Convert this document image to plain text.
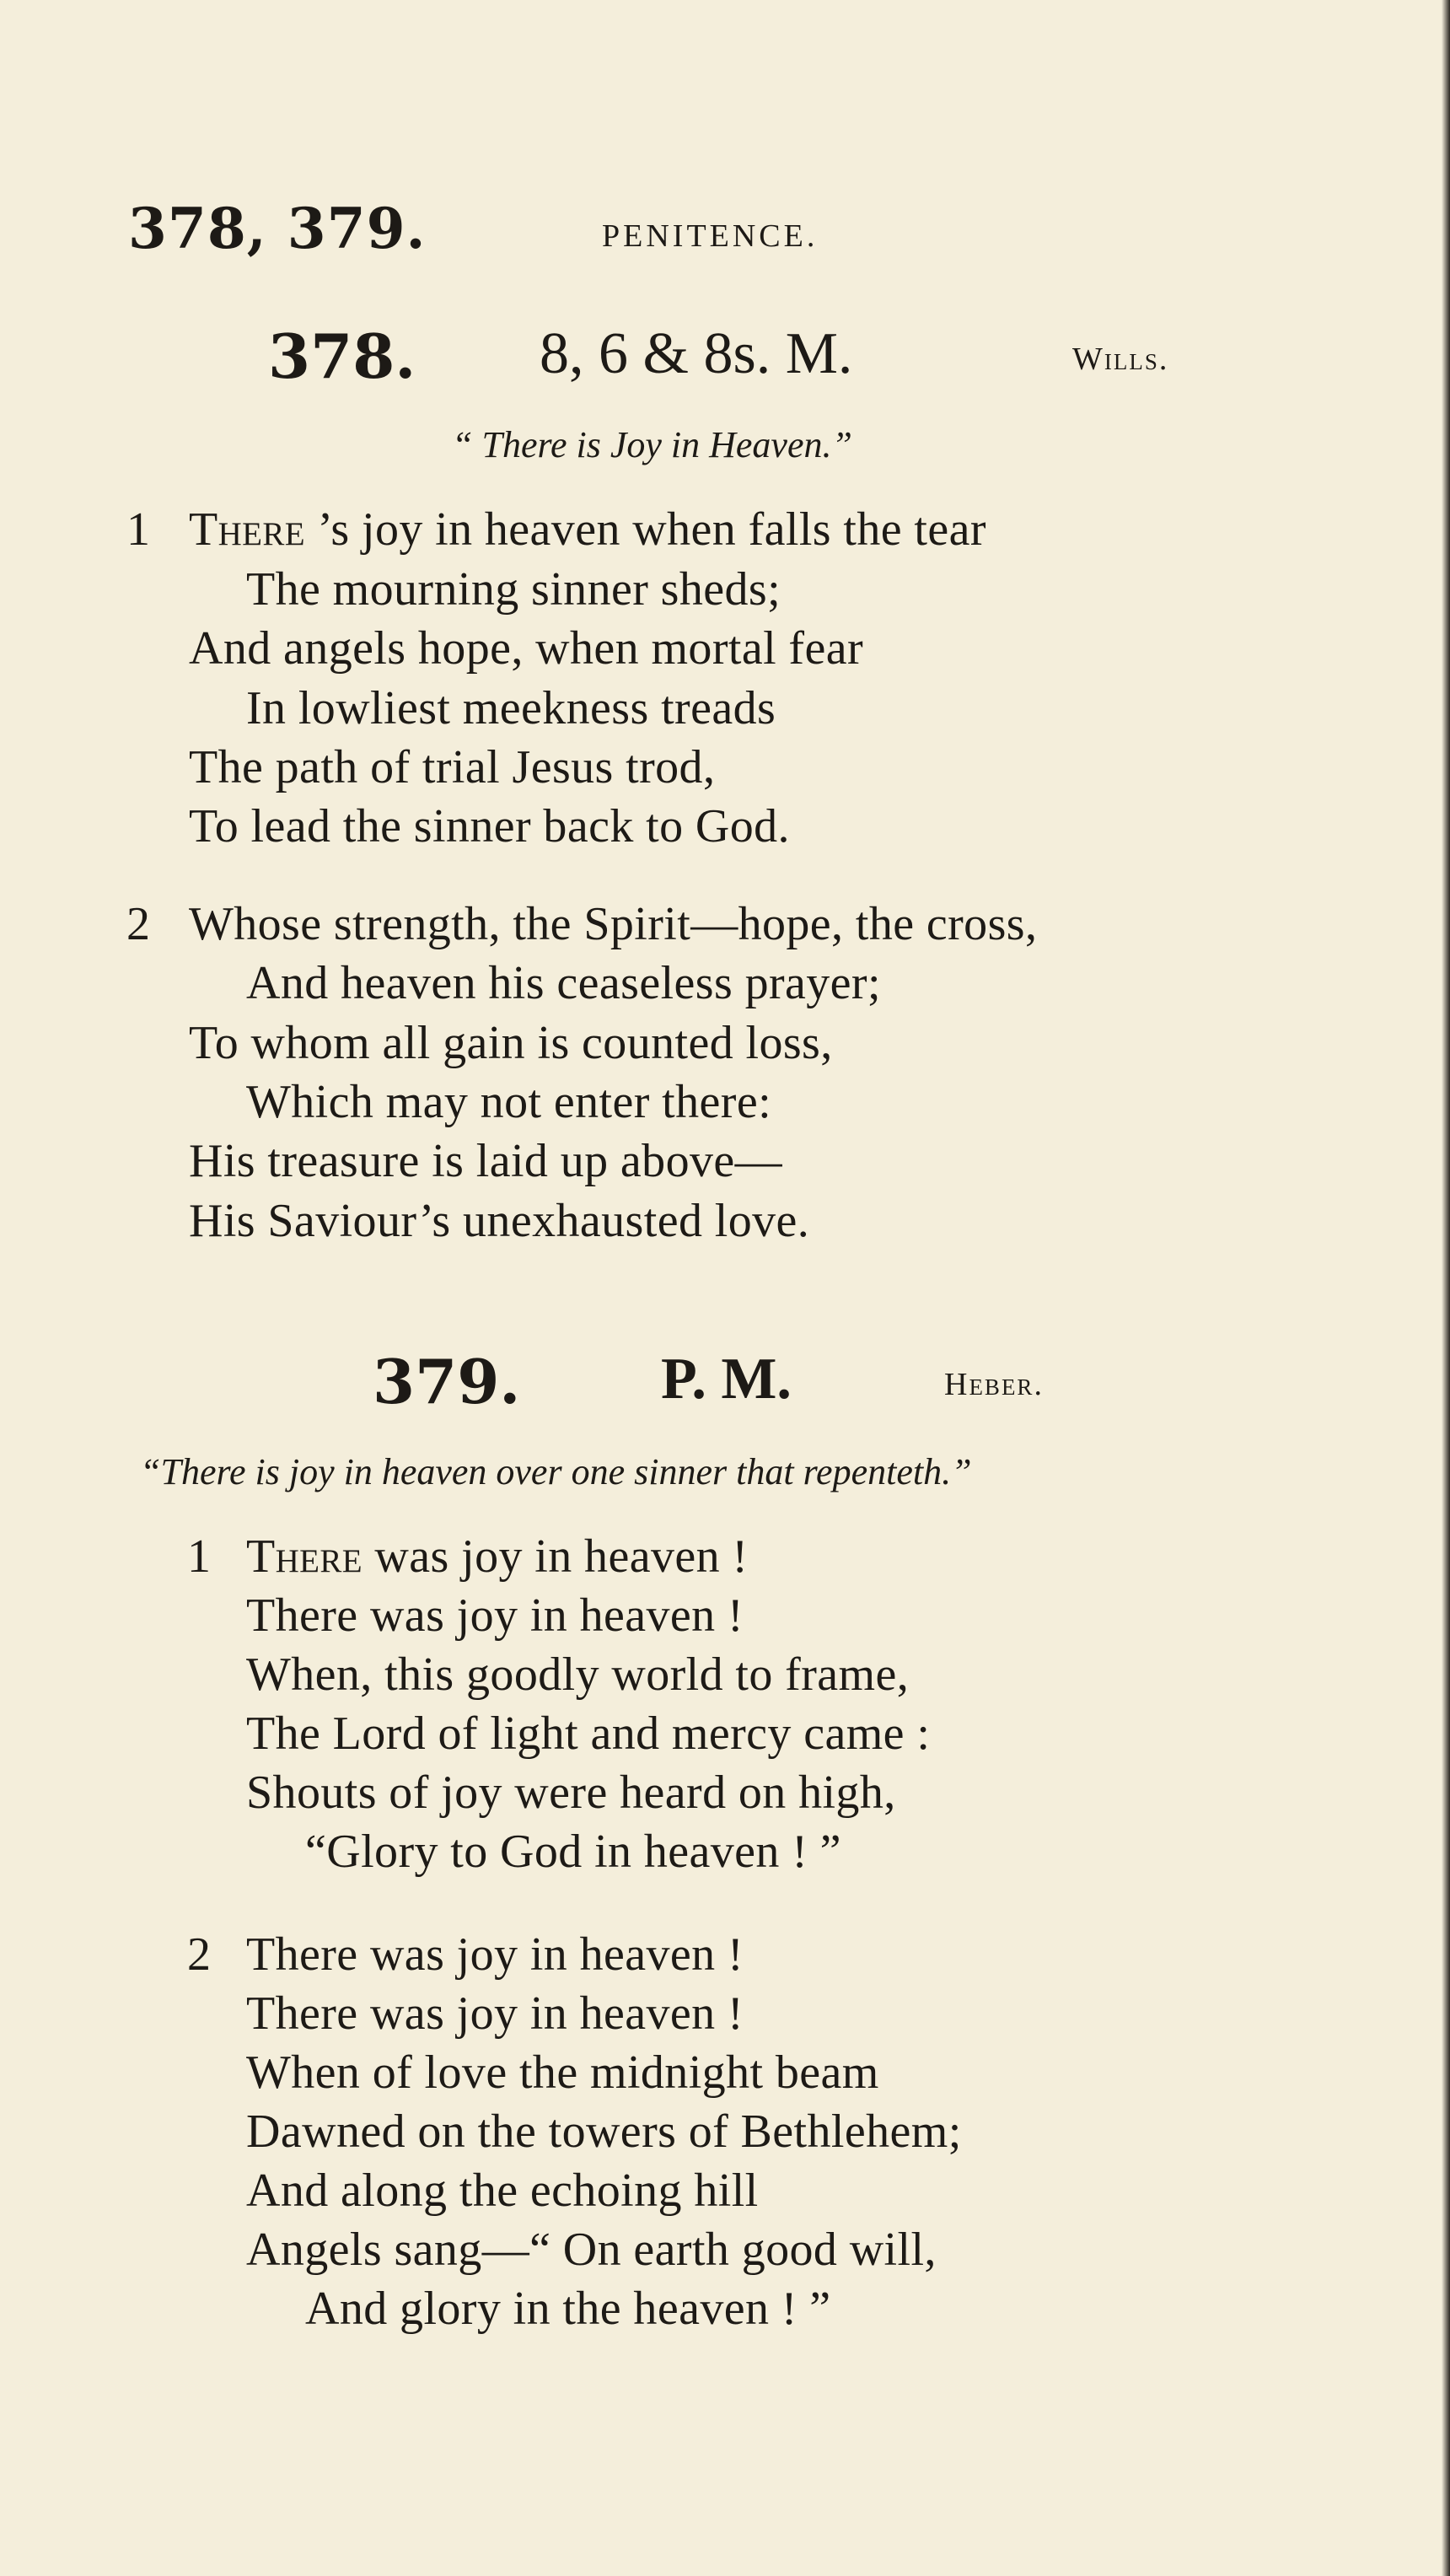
378, 379.	PENITENCE.
378. 8, 6 & 8s. M.	Wills.
“ There is Joy in Heaven.”
1 There ’s joy in heaven when falls the tear
The mourning sinner sheds;
And angels hope, when mortal fear
In lowliest meekness treads
The path of trial Jesus trod,
To lead the sinner back to God.
2 Whose strength, the Spirit—hope, the cross,
And heaven his ceaseless prayer;
To whom all gain is counted loss,
Which may not enter there:
His treasure is laid up above—
His Saviour’s unexhausted love.
379. P. M.	Heber.
“There is joy in heaven over one sinner that repenteth.”
1 There was joy in heaven !
There was joy in heaven !
When, this goodly world to frame,
The Lord of light and mercy came :
Shouts of joy were heard on high,
“Glory to God in heaven ! ”
2 There was joy in heaven !
There was joy in heaven !
When of love the midnight beam
Dawned on the towers of Bethlehem;
And along the echoing hill
Angels sang—“ On earth good will,
And glory in the heaven ! ”
